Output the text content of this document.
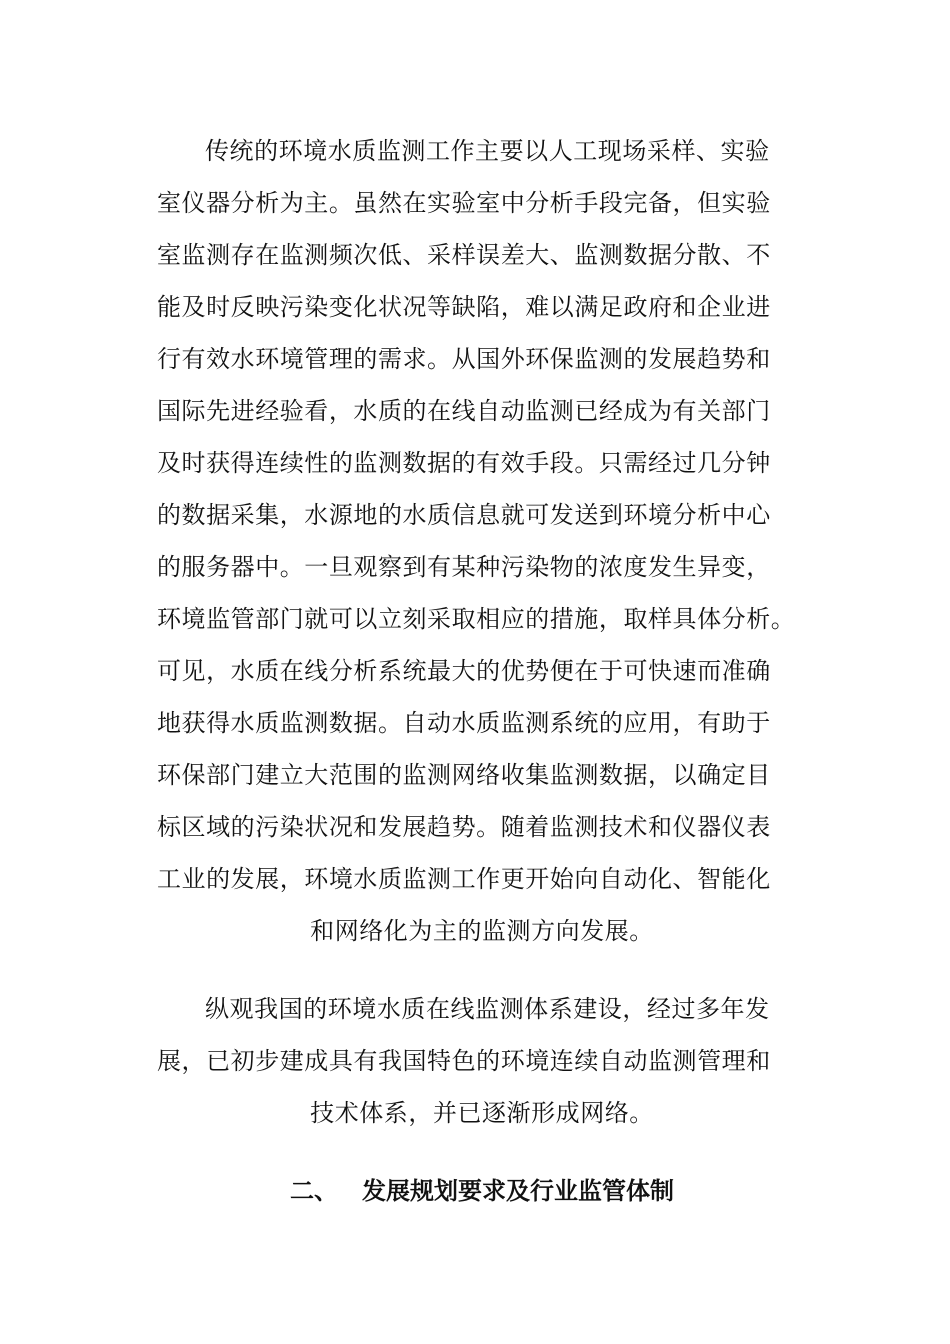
传统的环境水质监测工作主要以人工现场采样、实验
室仪器分析为主。虽然在实验室中分析手段完备，但实验
室监测存在监测频次低、采样误差大、监测数据分散、不
能及时反映污染变化状况等缺陷，难以满足政府和企业进
行有效水环境管理的需求。从国外环保监测的发展趋势和
国际先进经验看，水质的在线自动监测已经成为有关部门
及时获得连续性的监测数据的有效手段。只需经过几分钟
的数据采集，水源地的水质信息就可发送到环境分析中心
的服务器中。一旦观察到有某种污染物的浓度发生异变，
环境监管部门就可以立刻采取相应的措施，取样具体分析。
可见，水质在线分析系统最大的优势便在于可快速而准确
地获得水质监测数据。自动水质监测系统的应用，有助于
环保部门建立大范围的监测网络收集监测数据，以确定目
标区域的污染状况和发展趋势。随着监测技术和仪器仪表
工业的发展，环境水质监测工作更开始向自动化、智能化
和网络化为主的监测方向发展。
纵观我国的环境水质在线监测体系建设，经过多年发
展，已初步建成具有我国特色的环境连续自动监测管理和
技术体系，并已逐渐形成网络。
二、 发展规划要求及行业监管体制
